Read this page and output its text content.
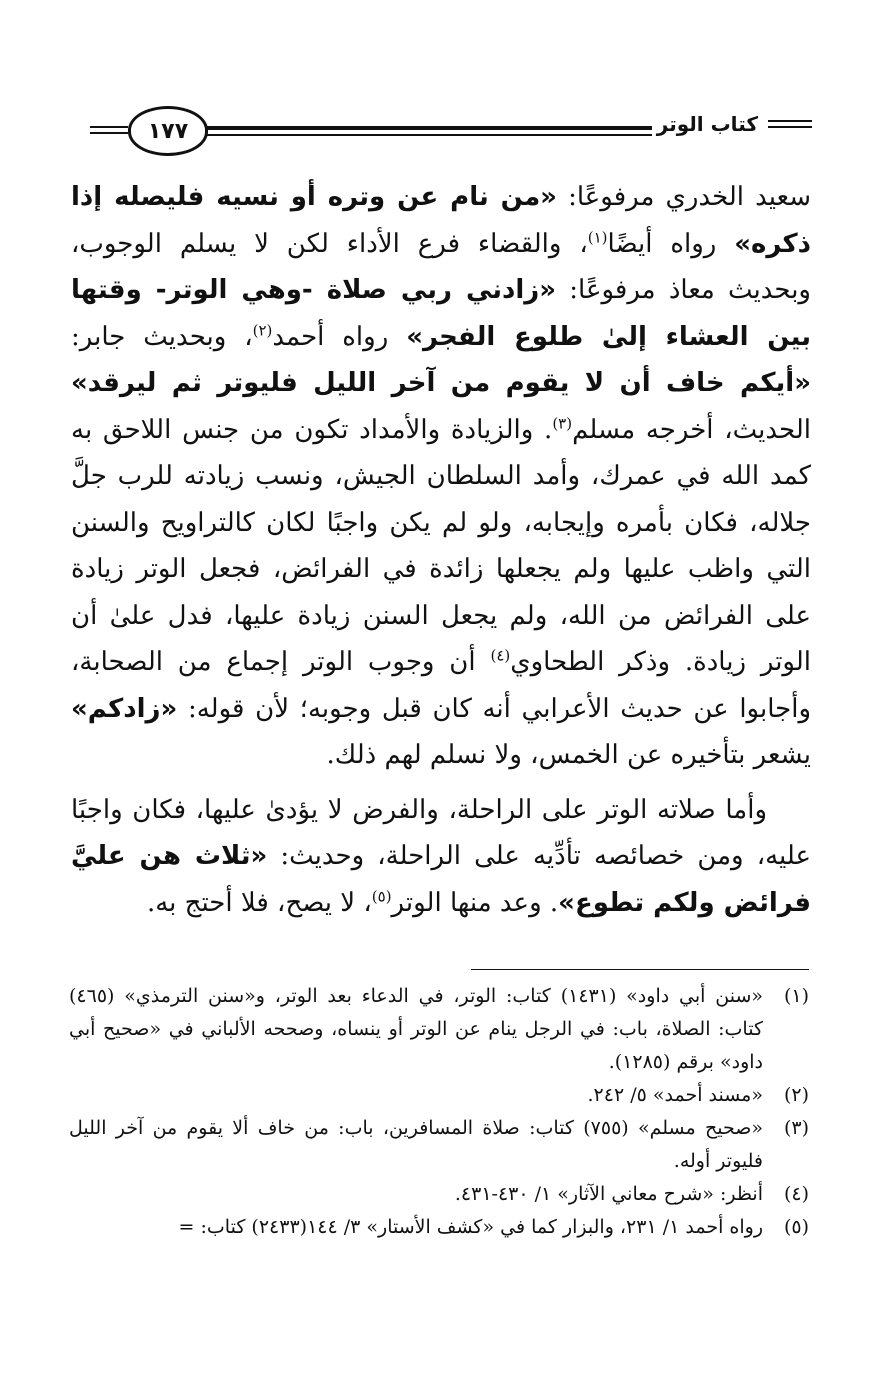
كتاب الوتر
١٧٧

سعيد الخدري مرفوعًا: «من نام عن وتره أو نسيه فليصله إذا ذكره» رواه أيضًا$^{(١)}$، والقضاء فرع الأداء لكن لا يسلم الوجوب، وبحديث معاذ مرفوعًا: «زادني ربي صلاة -وهي الوتر- وقتها بين العشاء إلىٰ طلوع الفجر» رواه أحمد$^{(٢)}$، وبحديث جابر: «أيكم خاف أن لا يقوم من آخر الليل فليوتر ثم ليرقد» الحديث، أخرجه مسلم$^{(٣)}$. والزيادة والأمداد تكون من جنس اللاحق به كمد الله في عمرك، وأمد السلطان الجيش، ونسب زيادته للرب جلَّ جلاله، فكان بأمره وإيجابه، ولو لم يكن واجبًا لكان كالتراويح والسنن التي واظب عليها ولم يجعلها زائدة في الفرائض، فجعل الوتر زيادة على الفرائض من الله، ولم يجعل السنن زيادة عليها، فدل علىٰ أن الوتر زيادة. وذكر الطحاوي$^{(٤)}$ أن وجوب الوتر إجماع من الصحابة، وأجابوا عن حديث الأعرابي أنه كان قبل وجوبه؛ لأن قوله: «زادكم» يشعر بتأخيره عن الخمس، ولا نسلم لهم ذلك.

وأما صلاته الوتر على الراحلة، والفرض لا يؤدىٰ عليها، فكان واجبًا عليه، ومن خصائصه تأدِّيه على الراحلة، وحديث: «ثلاث هن عليَّ فرائض ولكم تطوع». وعد منها الوتر$^{(٥)}$، لا يصح، فلا أحتج به.

(١)
«سنن أبي داود» (١٤٣١) كتاب: الوتر، في الدعاء بعد الوتر، و«سنن الترمذي» (٤٦٥) كتاب: الصلاة، باب: في الرجل ينام عن الوتر أو ينساه، وصححه الألباني في «صحيح أبي داود» برقم (١٢٨٥).
(٢)
«مسند أحمد» ٥/ ٢٤٢.
(٣)
«صحيح مسلم» (٧٥٥) كتاب: صلاة المسافرين، باب: من خاف ألا يقوم من آخر الليل فليوتر أوله.
(٤)
أنظر: «شرح معاني الآثار» ١/ ٤٣٠-٤٣١.
(٥)
رواه أحمد ١/ ٢٣١، والبزار كما في «كشف الأستار» ٣/ ١٤٤(٢٤٣٣) كتاب: =
